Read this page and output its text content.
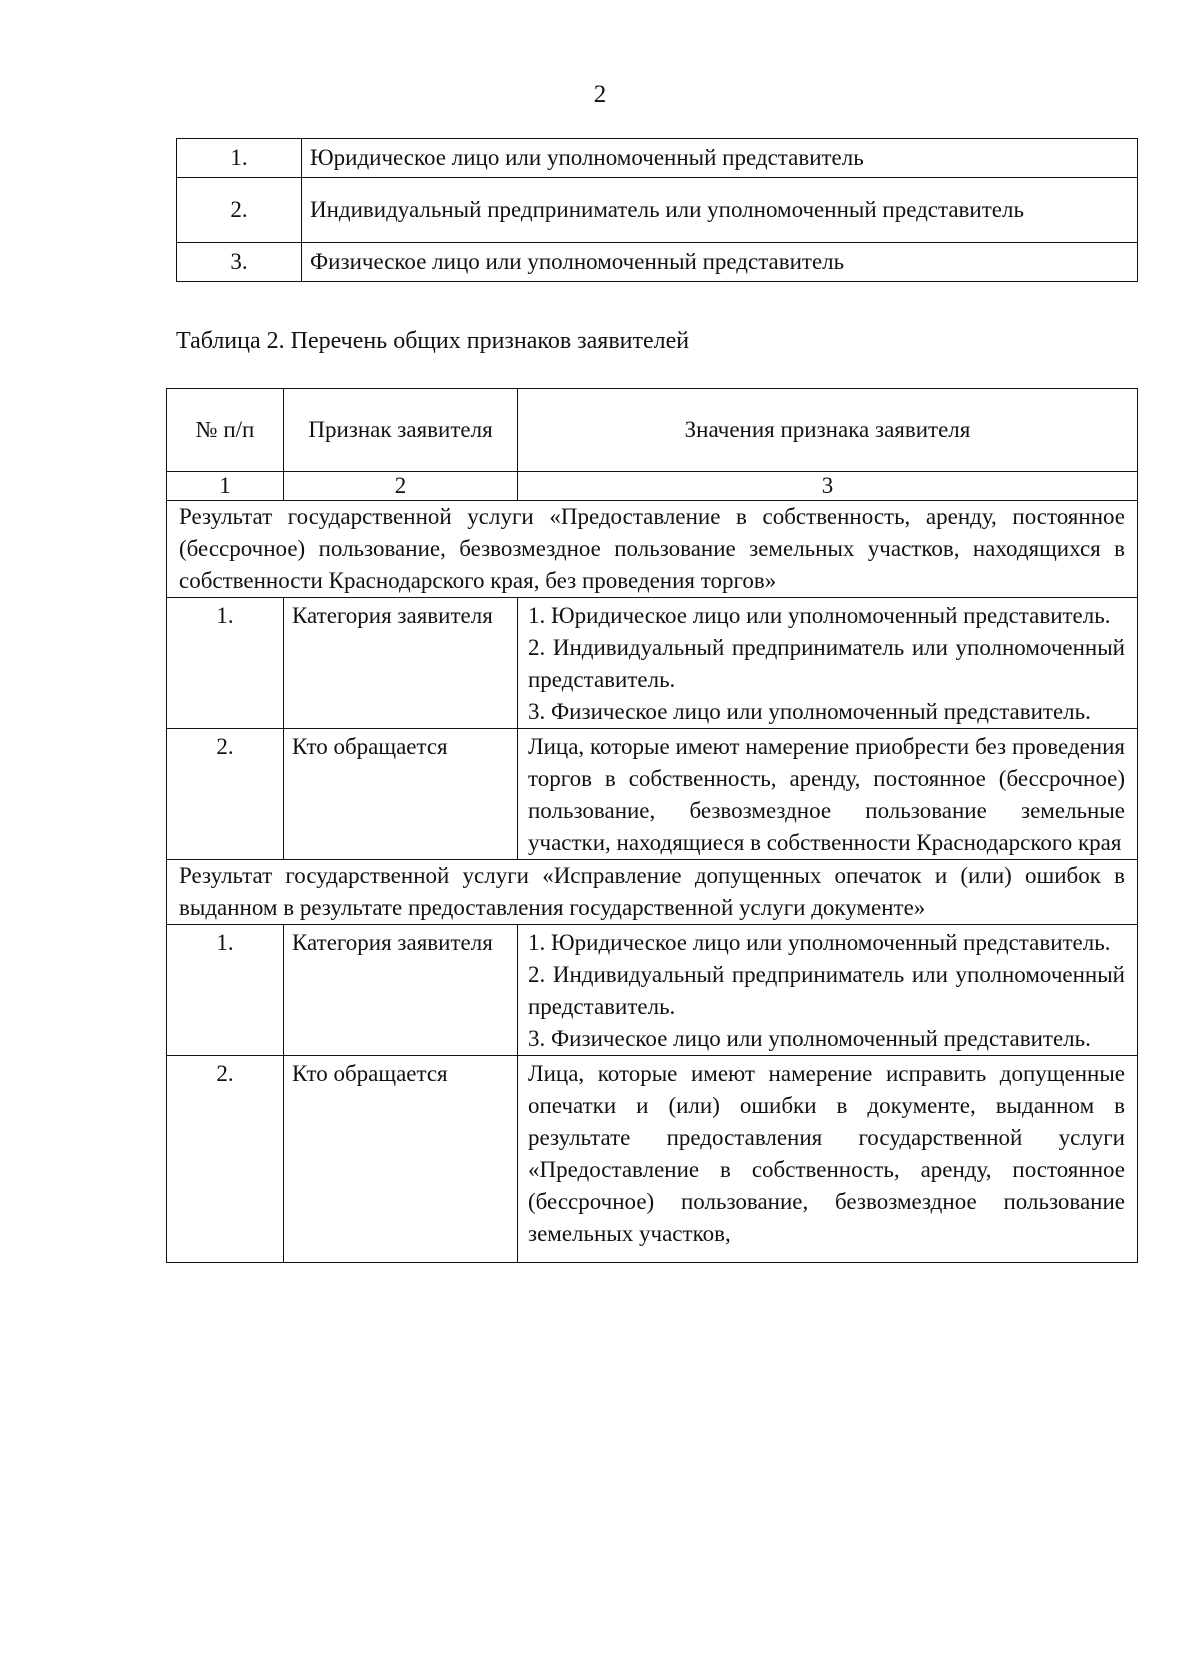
2
1.	Юридическое лицо или уполномоченный представитель
2.	Индивидуальный предприниматель или уполномоченный представитель
3.	Физическое лицо или уполномоченный представитель
Таблица 2. Перечень общих признаков заявителей
№ п/п	Признак заявителя	Значения признака заявителя
1	2	3
Результат государственной услуги «Предоставление в собственность, аренду, постоянное (бессрочное) пользование, безвозмездное пользование земельных участков, находящихся в собственности Краснодарского края, без проведения торгов»		
1.	Категория заявителя	1. Юридическое лицо или уполномоченный представитель.
2. Индивидуальный предприниматель или уполномоченный представитель.
3. Физическое лицо или уполномоченный представитель.

2.	Кто обращается	Лица, которые имеют намерение приобрести без проведения торгов в собственность, аренду, постоянное (бессрочное) пользование, безвозмездное пользование земельные участки, находящиеся в собственности Краснодарского края

Результат государственной услуги «Исправление допущенных опечаток и (или) ошибок в выданном в результате предоставления государственной услуги документе»		
1.	Категория заявителя	1. Юридическое лицо или уполномоченный представитель.
2. Индивидуальный предприниматель или уполномоченный представитель.
3. Физическое лицо или уполномоченный представитель.

2.	Кто обращается	Лица, которые имеют намерение исправить допущенные опечатки и (или) ошибки в документе, выданном в результате предоставления государственной услуги «Предоставление в собственность, аренду, постоянное (бессрочное) пользование, безвозмездное пользование земельных участков,
